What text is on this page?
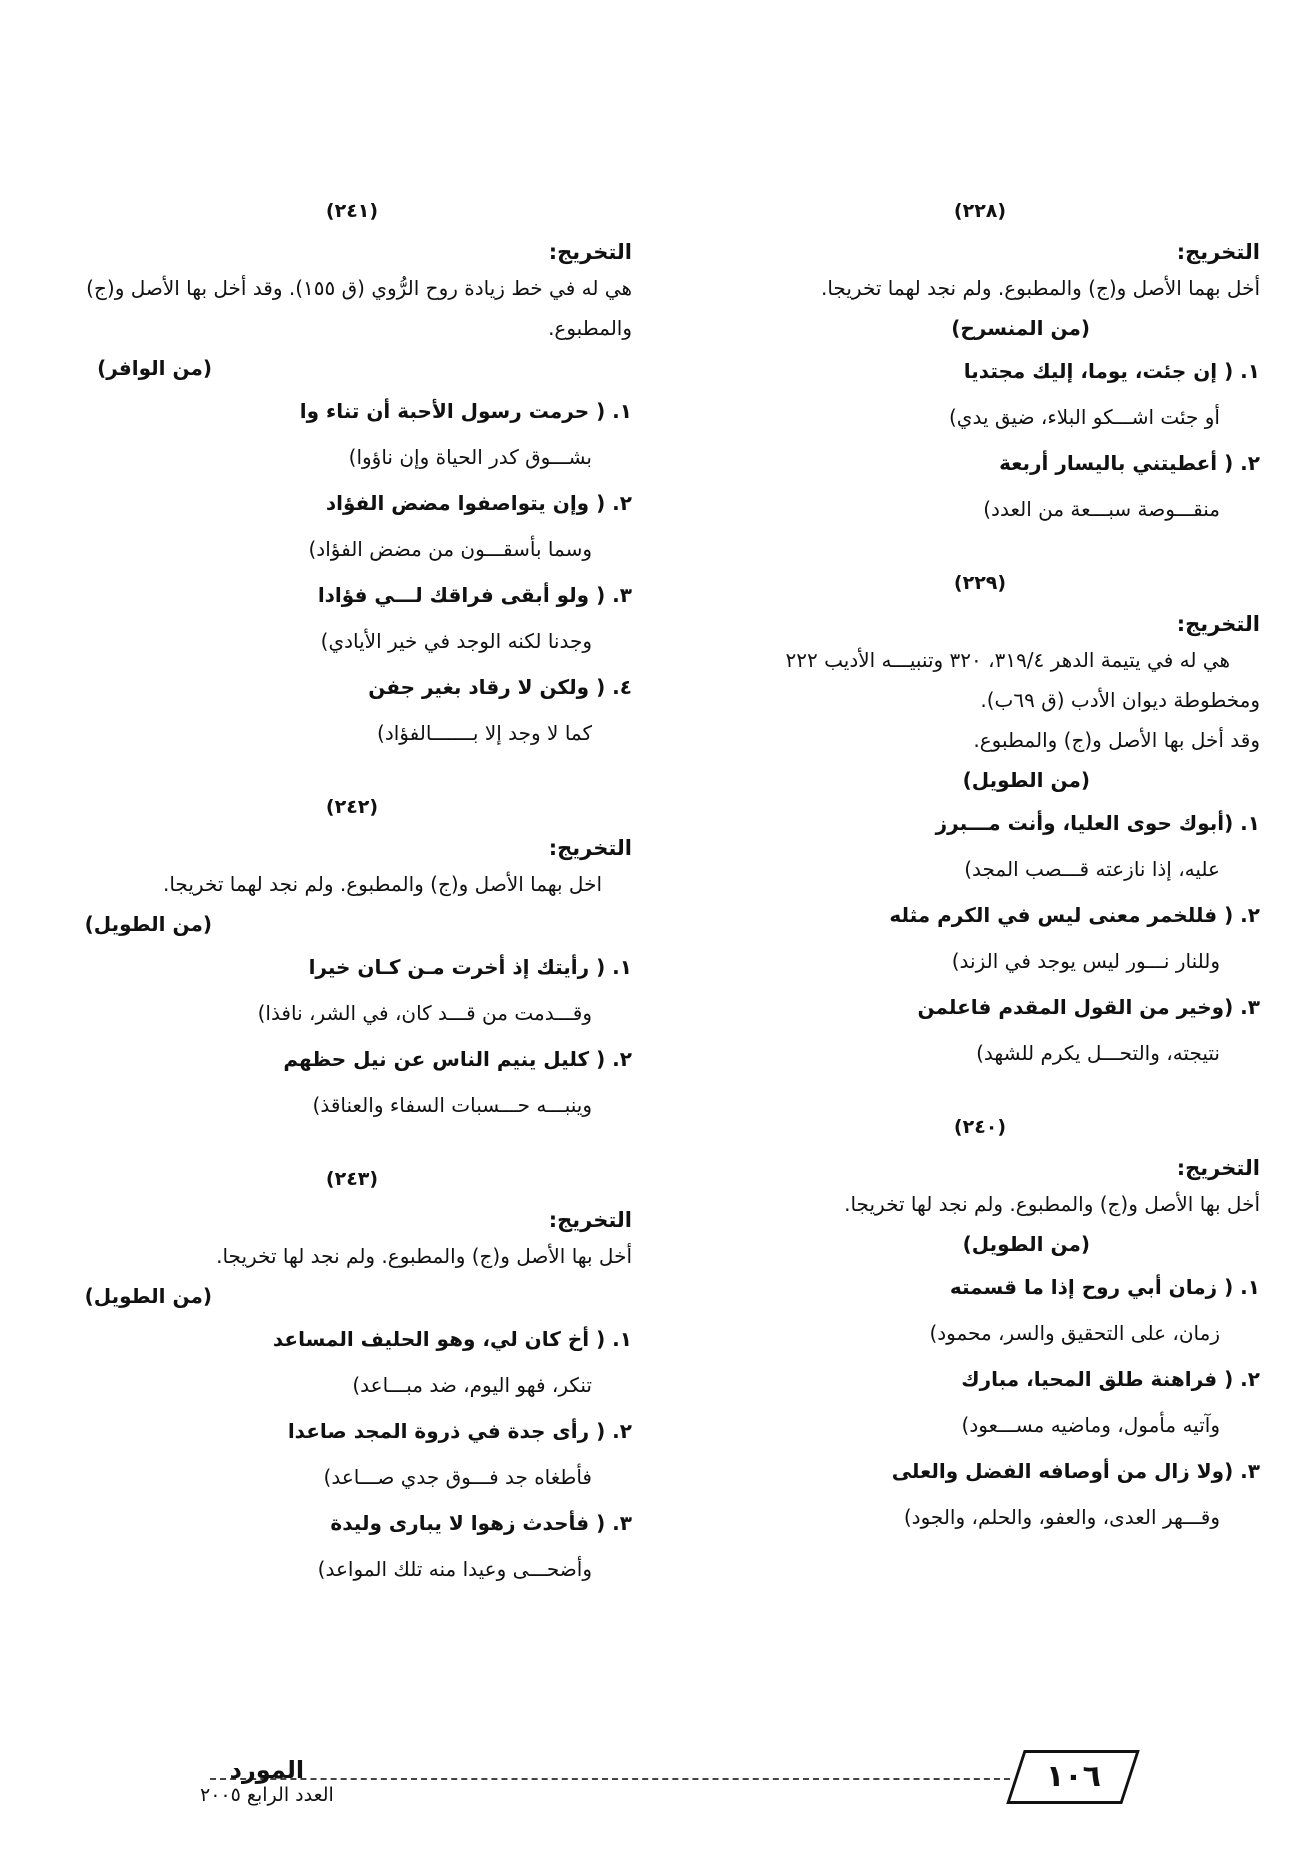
(٢٢٨)
التخريج:
أخل بهما الأصل و(ج) والمطبوع. ولم نجد لهما تخريجا.
(من المنسرح)
١. ( إن جئت، يوما، إليك مجتديا
أو جئت اشـــكو البلاء، ضيق يدي)
٢. ( أعطيتني باليسار أربعة
منقـــوصة سبـــعة من العدد)
(٢٢٩)
التخريج:
هي له في يتيمة الدهر ٣١٩/٤، ٣٢٠ وتنبيـــه الأديب ٢٢٢
ومخطوطة ديوان الأدب (ق ٦٩ب).
وقد أخل بها الأصل و(ج) والمطبوع.
(من الطويل)
١. (أبوك حوى العليا، وأنت مـــبرز
عليه، إذا نازعته قـــصب المجد)
٢. ( فللخمر معنى ليس في الكرم مثله
وللنار نـــور ليس يوجد في الزند)
٣. (وخير من القول المقدم فاعلمن
نتيجته، والتحـــل يكرم للشهد)
(٢٤٠)
التخريج:
أخل بها الأصل و(ج) والمطبوع. ولم نجد لها تخريجا.
(من الطويل)
١. ( زمان أبي روح إذا ما قسمته
زمان، على التحقيق والسر، محمود)
٢. ( فراهنة طلق المحيا، مبارك
وآتيه مأمول، وماضيه مســـعود)
٣. (ولا زال من أوصافه الفضل والعلى
وقـــهر العدى، والعفو، والحلم، والجود)
(٢٤١)
التخريج:
هي له في خط زيادة روح الرُّوي (ق ١٥٥). وقد أخل بها الأصل و(ج) والمطبوع.
(من الوافر)
١. ( حرمت رسول الأحبة أن تناء وا
بشـــوق كدر الحياة وإن ناؤوا)
٢. ( وإن يتواصفوا مضض الفؤاد
وسما بأسقـــون من مضض الفؤاد)
٣. ( ولو أبقى فراقك لـــي فؤادا
وجدنا لكنه الوجد في خير الأيادي)
٤. ( ولكن لا رقاد بغير جفن
كما لا وجد إلا بـــــــالفؤاد)
(٢٤٢)
التخريج:
اخل بهما الأصل و(ج) والمطبوع. ولم نجد لهما تخريجا.
(من الطويل)
١. ( رأيتك إذ أخرت مـن كـان خيرا
وقـــدمت من قـــد كان، في الشر، نافذا)
٢. ( كليل ينيم الناس عن نيل حظهم
وينبـــه حـــسبات السفاء والعناقذ)
(٢٤٣)
التخريج:
أخل بها الأصل و(ج) والمطبوع. ولم نجد لها تخريجا.
(من الطويل)
١. ( أخ كان لي، وهو الحليف المساعد
تنكر، فهو اليوم، ضد مبـــاعد)
٢. ( رأى جدة في ذروة المجد صاعدا
فأطغاه جد فـــوق جدي صـــاعد)
٣. ( فأحدث زهوا لا يبارى وليدة
وأضحـــى وعيدا منه تلك المواعد)
١٠٦
المورد
العدد الرابع ٢٠٠٥
